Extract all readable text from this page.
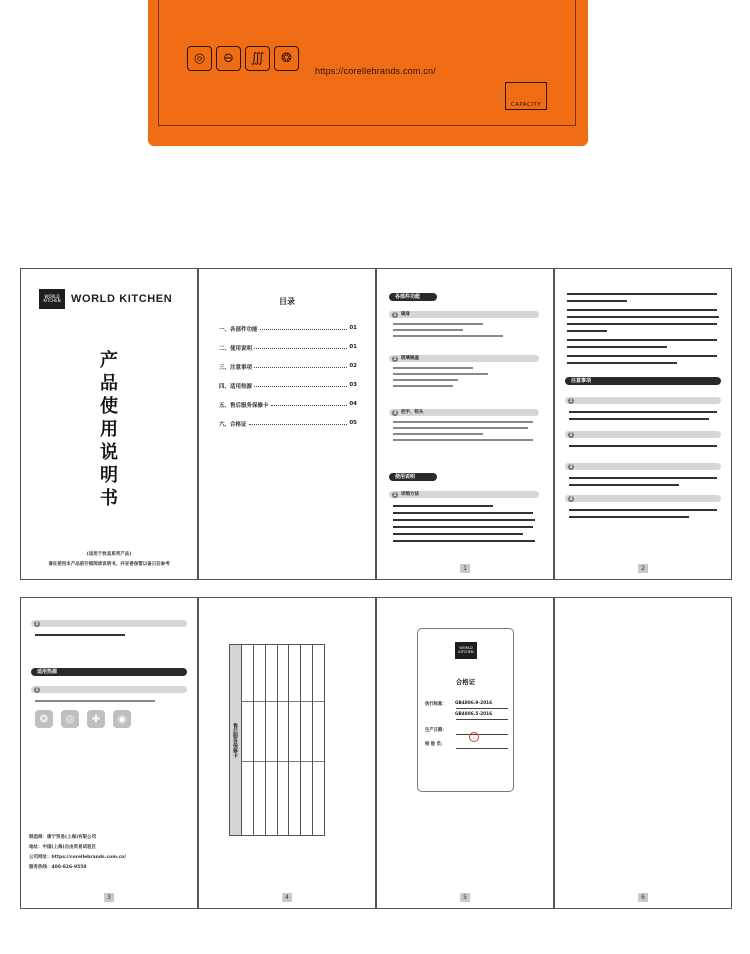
◎	⊖	∭	❂
https://corellebrands.com.cn/
CAPACITY
WORLD
KITCHEN WORLD KITCHEN
产
品
使
用
说
明
书
(适用于炊具系列产品)
请在使用本产品前仔细阅读说明书，并妥善保管以备日后参考
目录
一、各部件功能	01
二、使用说明	01
三、注意事项	02
四、适用热源	03
五、售后服务保修卡	04
六、合格证	05
各部件功能
1	锅身
2	玻璃锅盖
3	把手、钮头
使用说明
1	详细方法
1
注意事项
1
2
3
4
2
5
适用热源
1
❂	◎	✚	◉
制造商：康宁贸易(上海)有限公司
地址：中国(上海)自由贸易试验区
公司网址：https://corellebrands.com.cn/
服务热线：400-826-9558
3
售后服务保修卡
4
WORLD
KITCHEN
合格证
执行标准： GB4806.9-2016
GB4806.5-2016
生产日期：
✓
检 验 员：
5	6
